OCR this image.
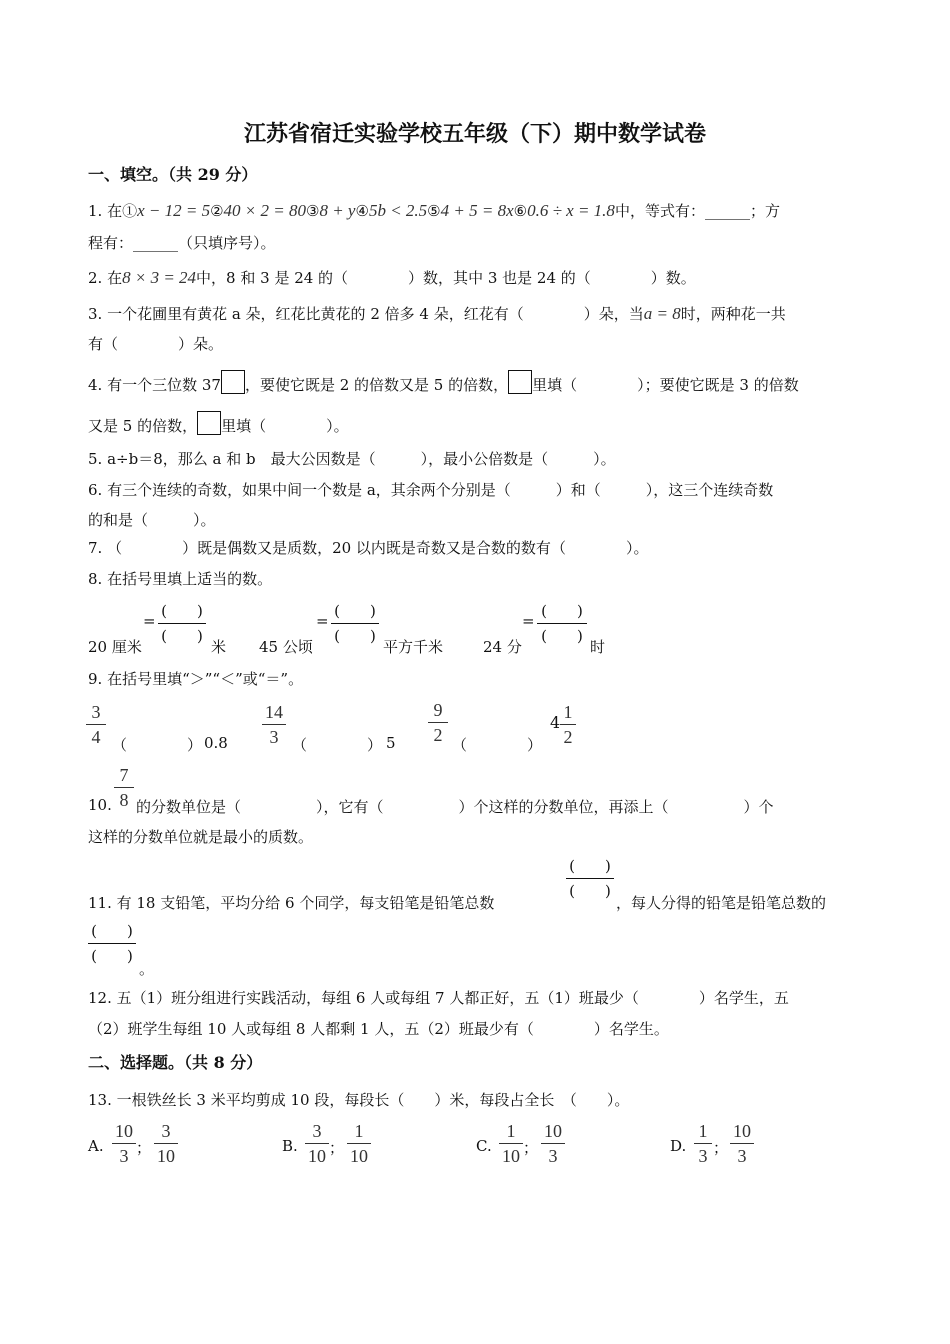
江苏省宿迁实验学校五年级（下）期中数学试卷
一、填空。（共 29 分）
1. 在①x − 12 = 5②40 × 2 = 80③8 + y④5b < 2.5⑤4 + 5 = 8x⑥0.6 ÷ x = 1.8中，等式有：______；方
程有：______（只填序号）。
2. 在8 × 3 = 24中，8 和 3 是 24 的（　　　　）数，其中 3 也是 24 的（　　　　）数。
3. 一个花圃里有黄花 a 朵，红花比黄花的 2 倍多 4 朵，红花有（　　　　）朵，当a = 8时，两种花一共
有（　　　　）朵。
4. 有一个三位数 37 ，要使它既是 2 的倍数又是 5 的倍数， 里填（　　　　）；要使它既是 3 的倍数
又是 5 的倍数， 里填（　　　　）。
5. a÷b＝8，那么 a 和 b　最大公因数是（　　　），最小公倍数是（　　　）。
6. 有三个连续的奇数，如果中间一个数是 a，其余两个分别是（　　　）和（　　　），这三个连续奇数
的和是（　　　）。
7. （　　　　）既是偶数又是质数，20 以内既是奇数又是合数的数有（　　　　）。
8. 在括号里填上适当的数。
20 厘米
=
(　　)
(　　)
米 45 公顷
=
(　　)
(　　)
平方千米	24 分
=
(　　)
(　　)
时
9. 在括号里填“＞”“＜”或“＝”。
3
4 （　　　　） 0.8
14
3 （　　　　） 5
9
2 （　　　　）
4
1
2
10.
7
8 的分数单位是（　　　　　），它有（　　　　　）个这样的分数单位，再添上（　　　　　）个
这样的分数单位就是最小的质数。
(　　)
(　　)
11. 有 18 支铅笔，平均分给 6 个同学，每支铅笔是铅笔总数	，每人分得的铅笔是铅笔总数的
(　　)
(　　)
。
12. 五（1）班分组进行实践活动，每组 6 人或每组 7 人都正好，五（1）班最少（　　　　）名学生，五
（2）班学生每组 10 人或每组 8 人都剩 1 人，五（2）班最少有（　　　　）名学生。
二、选择题。（共 8 分）
13. 一根铁丝长 3 米平均剪成 10 段，每段长（　　）米，每段占全长　（　　）。
A.
10
3 ；
3
10	B.
3
10 ；
1
10	C.
1
10 ；
10
3	D.
1
3 ；
10
3
